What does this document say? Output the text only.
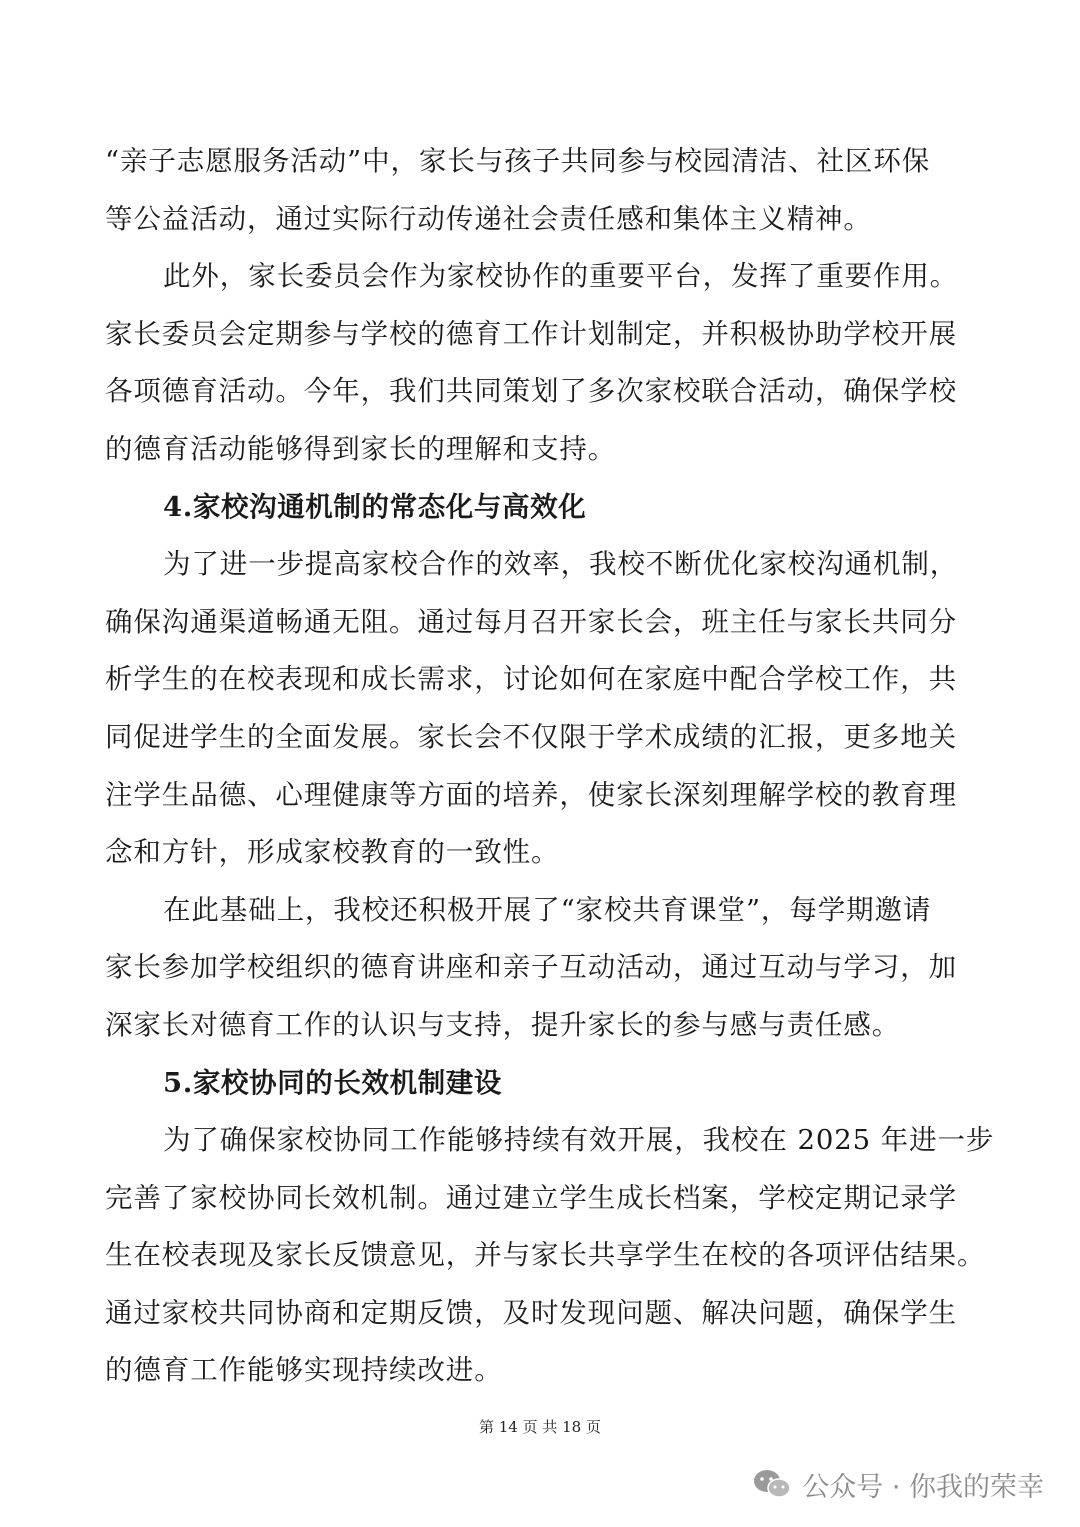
“亲子志愿服务活动”中，家长与孩子共同参与校园清洁、社区环保
等公益活动，通过实际行动传递社会责任感和集体主义精神。
此外，家长委员会作为家校协作的重要平台，发挥了重要作用。
家长委员会定期参与学校的德育工作计划制定，并积极协助学校开展
各项德育活动。今年，我们共同策划了多次家校联合活动，确保学校
的德育活动能够得到家长的理解和支持。
4.家校沟通机制的常态化与高效化
为了进一步提高家校合作的效率，我校不断优化家校沟通机制，
确保沟通渠道畅通无阻。通过每月召开家长会，班主任与家长共同分
析学生的在校表现和成长需求，讨论如何在家庭中配合学校工作，共
同促进学生的全面发展。家长会不仅限于学术成绩的汇报，更多地关
注学生品德、心理健康等方面的培养，使家长深刻理解学校的教育理
念和方针，形成家校教育的一致性。
在此基础上，我校还积极开展了“家校共育课堂”，每学期邀请
家长参加学校组织的德育讲座和亲子互动活动，通过互动与学习，加
深家长对德育工作的认识与支持，提升家长的参与感与责任感。
5.家校协同的长效机制建设
为了确保家校协同工作能够持续有效开展，我校在 2025 年进一步
完善了家校协同长效机制。通过建立学生成长档案，学校定期记录学
生在校表现及家长反馈意见，并与家长共享学生在校的各项评估结果。
通过家校共同协商和定期反馈，及时发现问题、解决问题，确保学生
的德育工作能够实现持续改进。
第 14 页 共 18 页
公众号 · 你我的荣幸
